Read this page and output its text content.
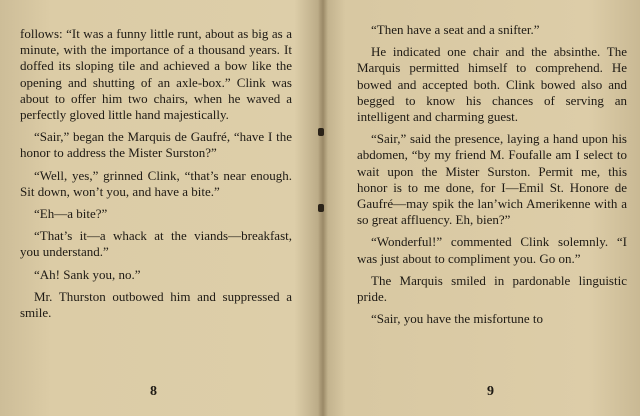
follows: “It was a funny little runt, about as big as a minute, with the importance of a thousand years. It doffed its sloping tile and achieved a bow like the opening and shutting of an axle-box.” Clink was about to offer him two chairs, when he waved a perfectly gloved little hand majestically.

“Sair,” began the Marquis de Gaufré, “have I the honor to address the Mister Surston?”

“Well, yes,” grinned Clink, “that’s near enough. Sit down, won’t you, and have a bite.”

“Eh—a bite?”

“That’s it—a whack at the viands—breakfast, you understand.”

“Ah! Sank you, no.”

Mr. Thurston outbowed him and suppressed a smile.

8

“Then have a seat and a snifter.”

He indicated one chair and the absinthe. The Marquis permitted himself to comprehend. He bowed and accepted both. Clink bowed also and begged to know his chances of serving an intelligent and charming guest.

“Sair,” said the presence, laying a hand upon his abdomen, “by my friend M. Foufalle am I select to wait upon the Mister Surston. Permit me, this honor is to me done, for I—Emil St. Honore de Gaufré—may spik the lan’wich Amerikenne with a so great affluency. Eh, bien?”

“Wonderful!” commented Clink solemnly. “I was just about to compliment you. Go on.”

The Marquis smiled in pardonable linguistic pride.

“Sair, you have the misfortune to

9
